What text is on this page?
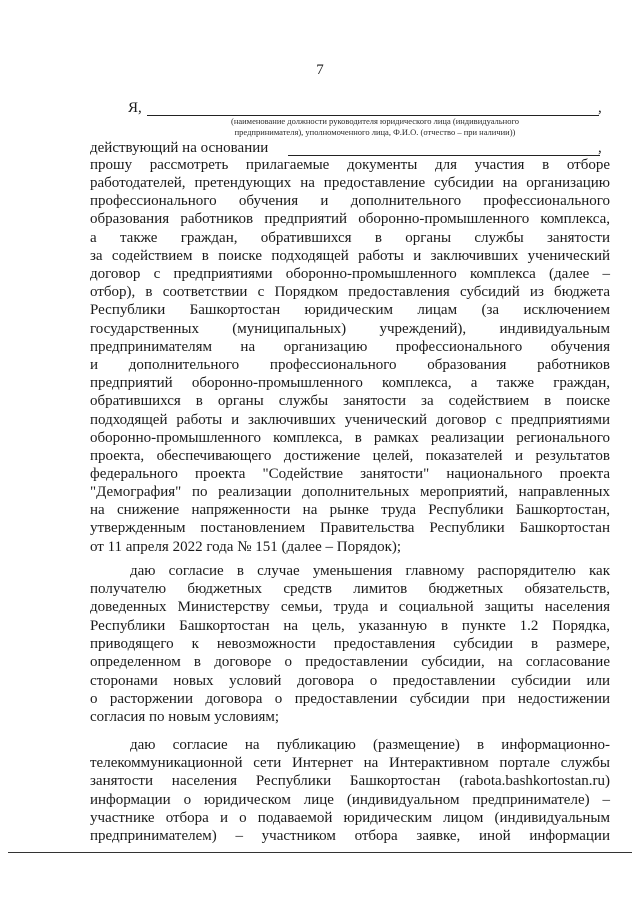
7
Я,	,
(наименование должности руководителя юридического лица (индивидуального
предпринимателя), уполномоченного лица, Ф.И.О. (отчество – при наличии))
действующий на основании	,
прошу рассмотреть прилагаемые документы для участия в отборе
работодателей, претендующих на предоставление субсидии на организацию
профессионального обучения и дополнительного профессионального
образования работников предприятий оборонно-промышленного комплекса,
а также граждан, обратившихся в органы службы занятости
за содействием в поиске подходящей работы и заключивших ученический
договор с предприятиями оборонно-промышленного комплекса (далее –
отбор), в соответствии с Порядком предоставления субсидий из бюджета
Республики Башкортостан юридическим лицам (за исключением
государственных (муниципальных) учреждений), индивидуальным
предпринимателям на организацию профессионального обучения
и дополнительного профессионального образования работников
предприятий оборонно-промышленного комплекса, а также граждан,
обратившихся в органы службы занятости за содействием в поиске
подходящей работы и заключивших ученический договор с предприятиями
оборонно-промышленного комплекса, в рамках реализации регионального
проекта, обеспечивающего достижение целей, показателей и результатов
федерального проекта "Содействие занятости" национального проекта
"Демография" по реализации дополнительных мероприятий, направленных
на снижение напряженности на рынке труда Республики Башкортостан,
утвержденным постановлением Правительства Республики Башкортостан
от 11 апреля 2022 года № 151 (далее – Порядок);
даю согласие в случае уменьшения главному распорядителю как
получателю бюджетных средств лимитов бюджетных обязательств,
доведенных Министерству семьи, труда и социальной защиты населения
Республики Башкортостан на цель, указанную в пункте 1.2 Порядка,
приводящего к невозможности предоставления субсидии в размере,
определенном в договоре о предоставлении субсидии, на согласование
сторонами новых условий договора о предоставлении субсидии или
о расторжении договора о предоставлении субсидии при недостижении
согласия по новым условиям;
даю согласие на публикацию (размещение) в информационно-
телекоммуникационной сети Интернет на Интерактивном портале службы
занятости населения Республики Башкортостан (rabota.bashkortostan.ru)
информации о юридическом лице (индивидуальном предпринимателе) –
участнике отбора и о подаваемой юридическим лицом (индивидуальным
предпринимателем) – участником отбора заявке, иной информации
